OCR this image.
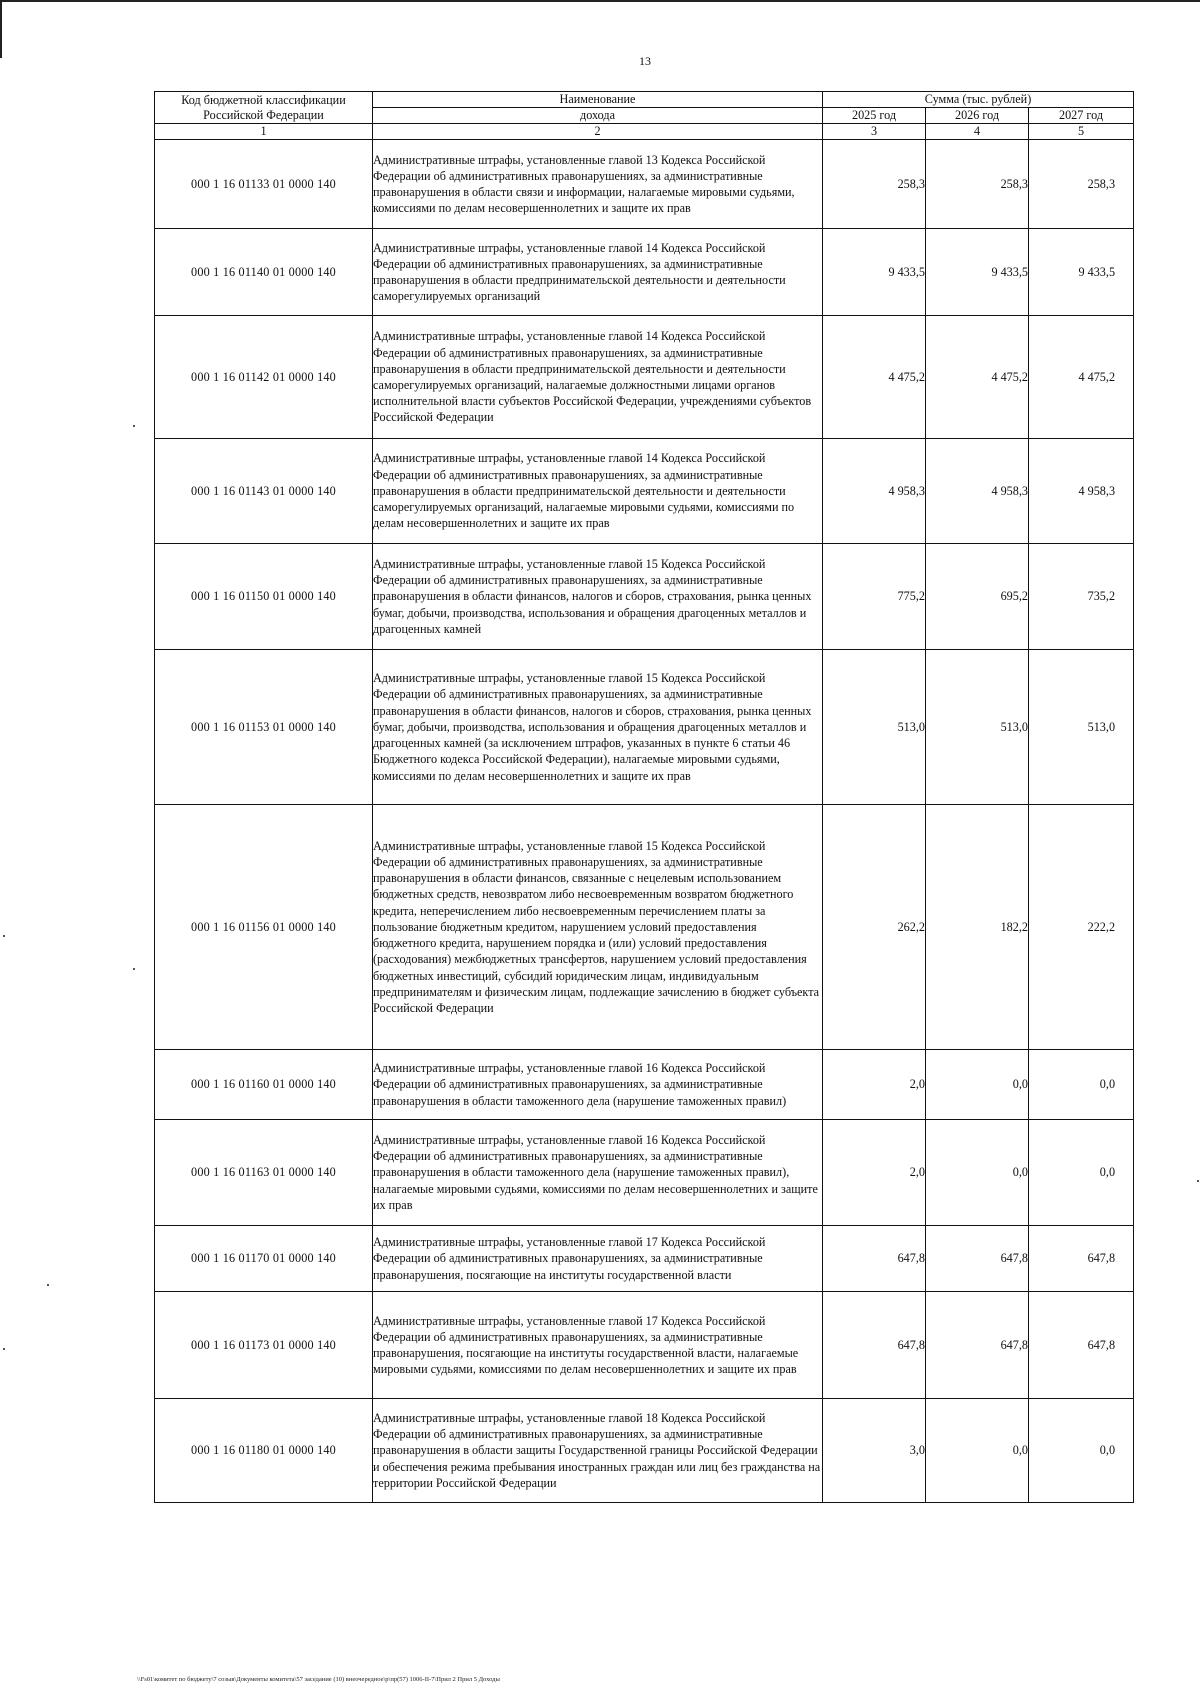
13
Код бюджетной классификации Российской Федерации	Наименование	Сумма (тыс. рублей)		
	дохода	2025 год	2026 год	2027 год
1	2	3	4	5
000 1 16 01133 01 0000 140	Административные штрафы, установленные главой 13 Кодекса Российской Федерации об административных правонарушениях, за административные правонарушения в области связи и информации, налагаемые мировыми судьями, комиссиями по делам несовершеннолетних и защите их прав	258,3	258,3	258,3
000 1 16 01140 01 0000 140	Административные штрафы, установленные главой 14 Кодекса Российской Федерации об административных правонарушениях, за административные правонарушения в области предпринимательской деятельности и деятельности саморегулируемых организаций	9 433,5	9 433,5	9 433,5
000 1 16 01142 01 0000 140	Административные штрафы, установленные главой 14 Кодекса Российской Федерации об административных правонарушениях, за административные правонарушения в области предпринимательской деятельности и деятельности саморегулируемых организаций, налагаемые должностными лицами органов исполнительной власти субъектов Российской Федерации, учреждениями субъектов Российской Федерации	4 475,2	4 475,2	4 475,2
000 1 16 01143 01 0000 140	Административные штрафы, установленные главой 14 Кодекса Российской Федерации об административных правонарушениях, за административные правонарушения в области предпринимательской деятельности и деятельности саморегулируемых организаций, налагаемые мировыми судьями, комиссиями по делам несовершеннолетних и защите их прав	4 958,3	4 958,3	4 958,3
000 1 16 01150 01 0000 140	Административные штрафы, установленные главой 15 Кодекса Российской Федерации об административных правонарушениях, за административные правонарушения в области финансов, налогов и сборов, страхования, рынка ценных бумаг, добычи, производства, использования и обращения драгоценных металлов и драгоценных камней	775,2	695,2	735,2
000 1 16 01153 01 0000 140	Административные штрафы, установленные главой 15 Кодекса Российской Федерации об административных правонарушениях, за административные правонарушения в области финансов, налогов и сборов, страхования, рынка ценных бумаг, добычи, производства, использования и обращения драгоценных металлов и драгоценных камней (за исключением штрафов, указанных в пункте 6 статьи 46 Бюджетного кодекса Российской Федерации), налагаемые мировыми судьями, комиссиями по делам несовершеннолетних и защите их прав	513,0	513,0	513,0
000 1 16 01156 01 0000 140	Административные штрафы, установленные главой 15 Кодекса Российской Федерации об административных правонарушениях, за административные правонарушения в области финансов, связанные с нецелевым использованием бюджетных средств, невозвратом либо несвоевременным возвратом бюджетного кредита, неперечислением либо несвоевременным перечислением платы за пользование бюджетным кредитом, нарушением условий предоставления бюджетного кредита, нарушением порядка и (или) условий предоставления (расходования) межбюджетных трансфертов, нарушением условий предоставления бюджетных инвестиций, субсидий юридическим лицам, индивидуальным предпринимателям и физическим лицам, подлежащие зачислению в бюджет субъекта Российской Федерации	262,2	182,2	222,2
000 1 16 01160 01 0000 140	Административные штрафы, установленные главой 16 Кодекса Российской Федерации об административных правонарушениях, за административные правонарушения в области таможенного дела (нарушение таможенных правил)	2,0	0,0	0,0
000 1 16 01163 01 0000 140	Административные штрафы, установленные главой 16 Кодекса Российской Федерации об административных правонарушениях, за административные правонарушения в области таможенного дела (нарушение таможенных правил), налагаемые мировыми судьями, комиссиями по делам несовершеннолетних и защите их прав	2,0	0,0	0,0
000 1 16 01170 01 0000 140	Административные штрафы, установленные главой 17 Кодекса Российской Федерации об административных правонарушениях, за административные правонарушения, посягающие на институты государственной власти	647,8	647,8	647,8
000 1 16 01173 01 0000 140	Административные штрафы, установленные главой 17 Кодекса Российской Федерации об административных правонарушениях, за административные правонарушения, посягающие на институты государственной власти, налагаемые мировыми судьями, комиссиями по делам несовершеннолетних и защите их прав	647,8	647,8	647,8
000 1 16 01180 01 0000 140	Административные штрафы, установленные главой 18 Кодекса Российской Федерации об административных правонарушениях, за административные правонарушения в области защиты Государственной границы Российской Федерации и обеспечения режима пребывания иностранных граждан или лиц без гражданства на территории Российской Федерации	3,0	0,0	0,0
\\Fs01\комитет по бюджету\7 созыв\Документы комитета\57 заседание (10) внеочередное\р\пр(57) 1006-II-7\Прил 2 Прил 5 Доходы
